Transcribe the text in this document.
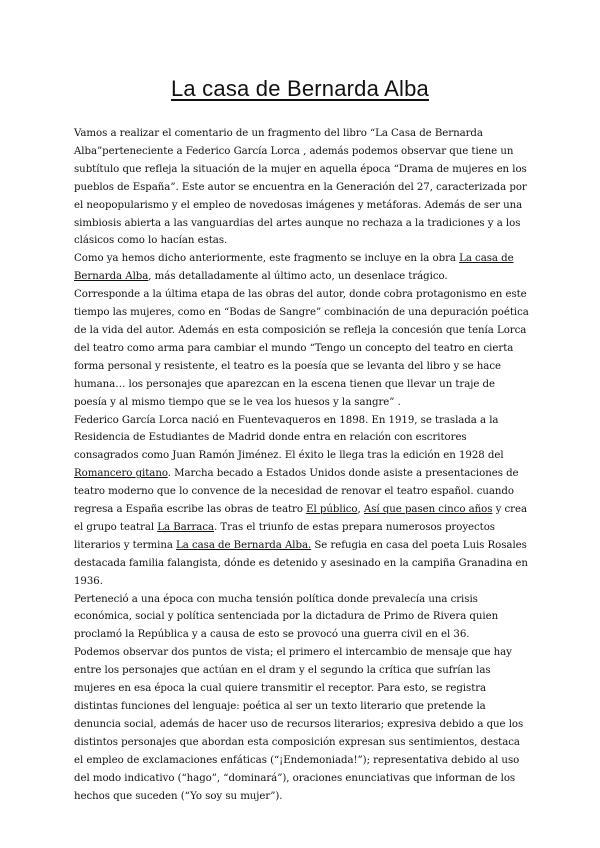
La casa de Bernarda Alba

Vamos a realizar el comentario de un fragmento del libro “La Casa de Bernarda Alba”perteneciente a Federico García Lorca , además podemos observar que tiene un subtítulo que refleja la situación de la mujer en aquella época “Drama de mujeres en los pueblos de España”. Este autor se encuentra en la Generación del 27, caracterizada por el neopopularismo y el empleo de novedosas imágenes y metáforas. Además de ser una simbiosis abierta a las vanguardias del artes aunque no rechaza a la tradiciones y a los clásicos como lo hacían estas.

Como ya hemos dicho anteriormente, este fragmento se incluye en la obra La casa de Bernarda Alba, más detalladamente al último acto, un desenlace trágico.

Corresponde a la última etapa de las obras del autor, donde cobra protagonismo en este tiempo las mujeres, como en “Bodas de Sangre” combinación de una depuración poética de la vida del autor. Además en esta composición se refleja la concesión que tenía Lorca del teatro como arma para cambiar el mundo “Tengo un concepto del teatro en cierta forma personal y resistente, el teatro es la poesía que se levanta del libro y se hace humana… los personajes que aparezcan en la escena tienen que llevar un traje de poesía y al mismo tiempo que se le vea los huesos y la sangre” .

Federico García Lorca nació en Fuentevaqueros en 1898. En 1919, se traslada a la Residencia de Estudiantes de Madrid donde entra en relación con escritores consagrados como Juan Ramón Jiménez. El éxito le llega tras la edición en 1928 del Romancero gitano. Marcha becado a Estados Unidos donde asiste a presentaciones de teatro moderno que lo convence de la necesidad de renovar el teatro español. cuando regresa a España escribe las obras de teatro El público, Así que pasen cinco años y crea el grupo teatral La Barraca. Tras el triunfo de estas prepara numerosos proyectos literarios y termina La casa de Bernarda Alba. Se refugia en casa del poeta Luis Rosales destacada familia falangista, dónde es detenido y asesinado en la campiña Granadina en 1936.

Perteneció a una época con mucha tensión política donde prevalecía una crisis económica, social y política sentenciada por la dictadura de Primo de Rivera quien proclamó la República y a causa de esto se provocó una guerra civil en el 36.

Podemos observar dos puntos de vista; el primero el intercambio de mensaje que hay entre los personajes que actúan en el dram y el segundo la crítica que sufrían las mujeres en esa época la cual quiere transmitir el receptor. Para esto, se registra distintas funciones del lenguaje: poética al ser un texto literario que pretende la denuncia social, además de hacer uso de recursos literarios; expresiva debido a que los distintos personajes que abordan esta composición expresan sus sentimientos, destaca el empleo de exclamaciones enfáticas (“¡Endemoniada!”); representativa debido al uso del modo indicativo (“hago”, “dominará”), oraciones enunciativas que informan de los hechos que suceden (“Yo soy su mujer”).
